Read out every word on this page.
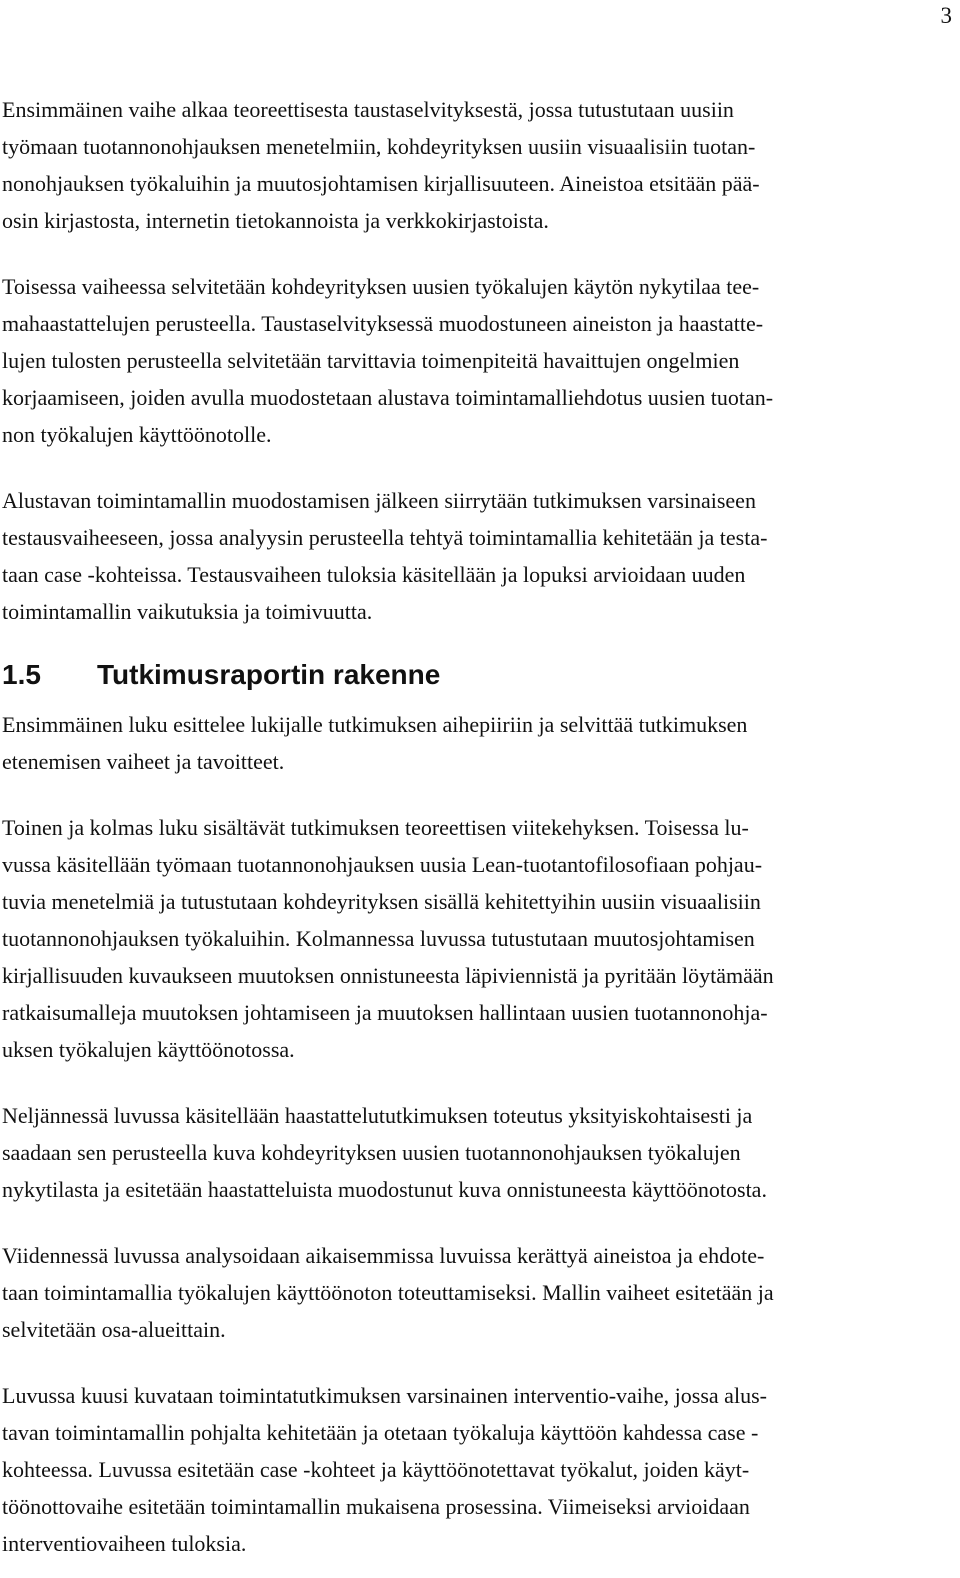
3

Ensimmäinen vaihe alkaa teoreettisesta taustaselvityksestä, jossa tutustutaan uusiin
työmaan tuotannonohjauksen menetelmiin, kohdeyrityksen uusiin visuaalisiin tuotan-
nonohjauksen työkaluihin ja muutosjohtamisen kirjallisuuteen. Aineistoa etsitään pää-
osin kirjastosta, internetin tietokannoista ja verkkokirjastoista.

Toisessa vaiheessa selvitetään kohdeyrityksen uusien työkalujen käytön nykytilaa tee-
mahaastattelujen perusteella. Taustaselvityksessä muodostuneen aineiston ja haastatte-
lujen tulosten perusteella selvitetään tarvittavia toimenpiteitä havaittujen ongelmien
korjaamiseen, joiden avulla muodostetaan alustava toimintamalliehdotus uusien tuotan-
non työkalujen käyttöönotolle.

Alustavan toimintamallin muodostamisen jälkeen siirrytään tutkimuksen varsinaiseen
testausvaiheeseen, jossa analyysin perusteella tehtyä toimintamallia kehitetään ja testa-
taan case -kohteissa. Testausvaiheen tuloksia käsitellään ja lopuksi arvioidaan uuden
toimintamallin vaikutuksia ja toimivuutta.

1.5	Tutkimusraportin rakenne

Ensimmäinen luku esittelee lukijalle tutkimuksen aihepiiriin ja selvittää tutkimuksen
etenemisen vaiheet ja tavoitteet.

Toinen ja kolmas luku sisältävät tutkimuksen teoreettisen viitekehyksen. Toisessa lu-
vussa käsitellään työmaan tuotannonohjauksen uusia Lean-tuotantofilosofiaan pohjau-
tuvia menetelmiä ja tutustutaan kohdeyrityksen sisällä kehitettyihin uusiin visuaalisiin
tuotannonohjauksen työkaluihin. Kolmannessa luvussa tutustutaan muutosjohtamisen
kirjallisuuden kuvaukseen muutoksen onnistuneesta läpiviennistä ja pyritään löytämään
ratkaisumalleja muutoksen johtamiseen ja muutoksen hallintaan uusien tuotannonohja-
uksen työkalujen käyttöönotossa.

Neljännessä luvussa käsitellään haastattelututkimuksen toteutus yksityiskohtaisesti ja
saadaan sen perusteella kuva kohdeyrityksen uusien tuotannonohjauksen työkalujen
nykytilasta ja esitetään haastatteluista muodostunut kuva onnistuneesta käyttöönotosta.

Viidennessä luvussa analysoidaan aikaisemmissa luvuissa kerättyä aineistoa ja ehdote-
taan toimintamallia työkalujen käyttöönoton toteuttamiseksi. Mallin vaiheet esitetään ja
selvitetään osa-alueittain.

Luvussa kuusi kuvataan toimintatutkimuksen varsinainen interventio-vaihe, jossa alus-
tavan toimintamallin pohjalta kehitetään ja otetaan työkaluja käyttöön kahdessa case -
kohteessa. Luvussa esitetään case -kohteet ja käyttöönotettavat työkalut, joiden käyt-
töönottovaihe esitetään toimintamallin mukaisena prosessina. Viimeiseksi arvioidaan
interventiovaiheen tuloksia.
